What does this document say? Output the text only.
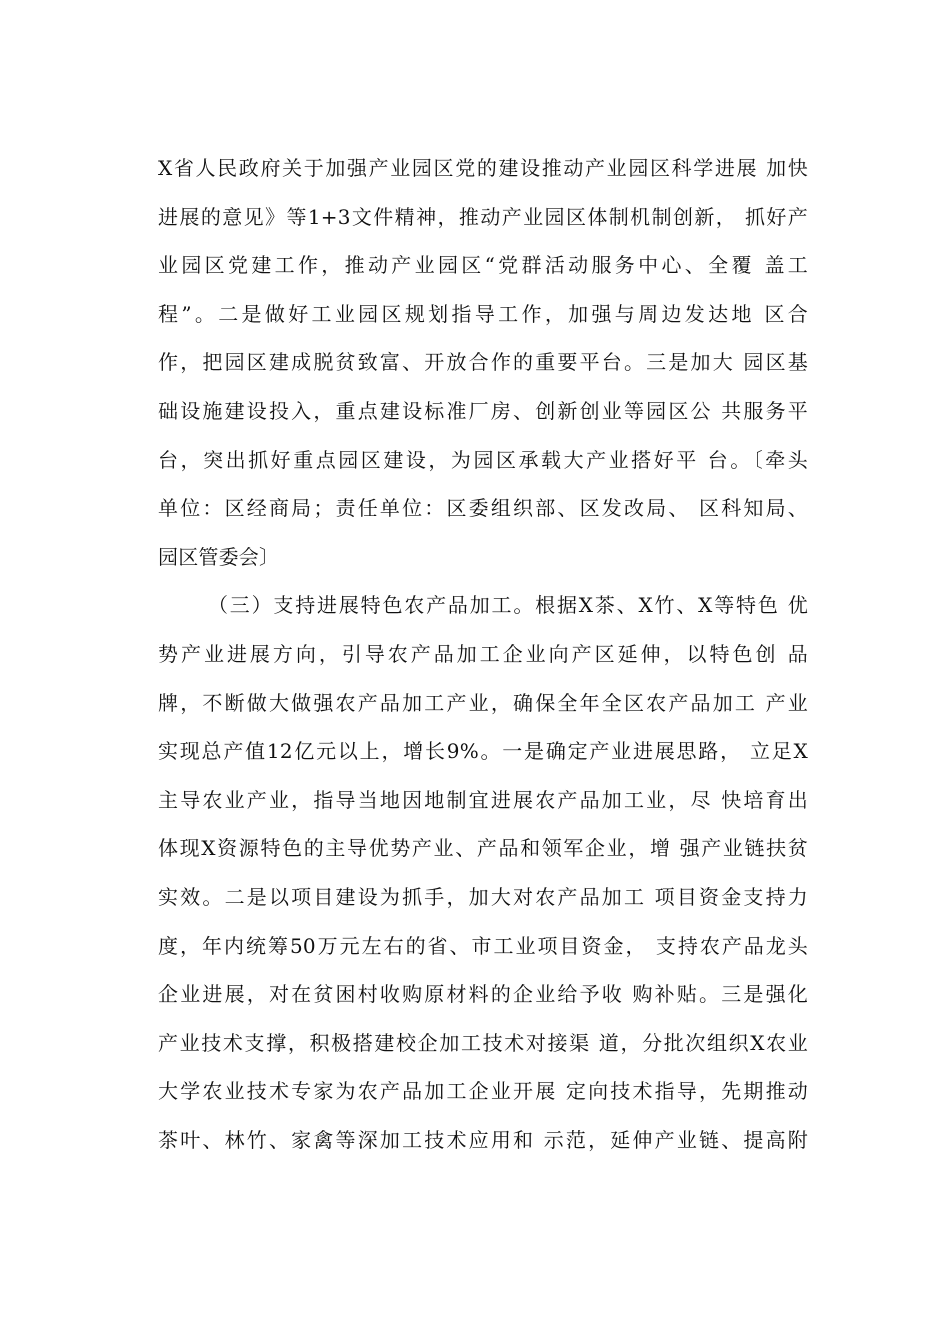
X省人民政府关于加强产业园区党的建设推动产业园区科学进展 加快
进展的意见》等1+3文件精神，推动产业园区体制机制创新， 抓好产
业园区党建工作，推动产业园区“党群活动服务中心、全覆 盖工
程”。二是做好工业园区规划指导工作，加强与周边发达地 区合
作，把园区建成脱贫致富、开放合作的重要平台。三是加大 园区基
础设施建设投入，重点建设标准厂房、创新创业等园区公 共服务平
台，突出抓好重点园区建设，为园区承载大产业搭好平 台。〔牵头
单位：区经商局；责任单位：区委组织部、区发改局、 区科知局、
园区管委会〕
（三）支持进展特色农产品加工。根据X茶、X竹、X等特色 优
势产业进展方向，引导农产品加工企业向产区延伸，以特色创 品
牌，不断做大做强农产品加工产业，确保全年全区农产品加工 产业
实现总产值12亿元以上，增长9%。一是确定产业进展思路， 立足X
主导农业产业，指导当地因地制宜进展农产品加工业，尽 快培育出
体现X资源特色的主导优势产业、产品和领军企业，增 强产业链扶贫
实效。二是以项目建设为抓手，加大对农产品加工 项目资金支持力
度，年内统筹50万元左右的省、市工业项目资金， 支持农产品龙头
企业进展，对在贫困村收购原材料的企业给予收 购补贴。三是强化
产业技术支撑，积极搭建校企加工技术对接渠 道，分批次组织X农业
大学农业技术专家为农产品加工企业开展 定向技术指导，先期推动
茶叶、林竹、家禽等深加工技术应用和 示范，延伸产业链、提高附
